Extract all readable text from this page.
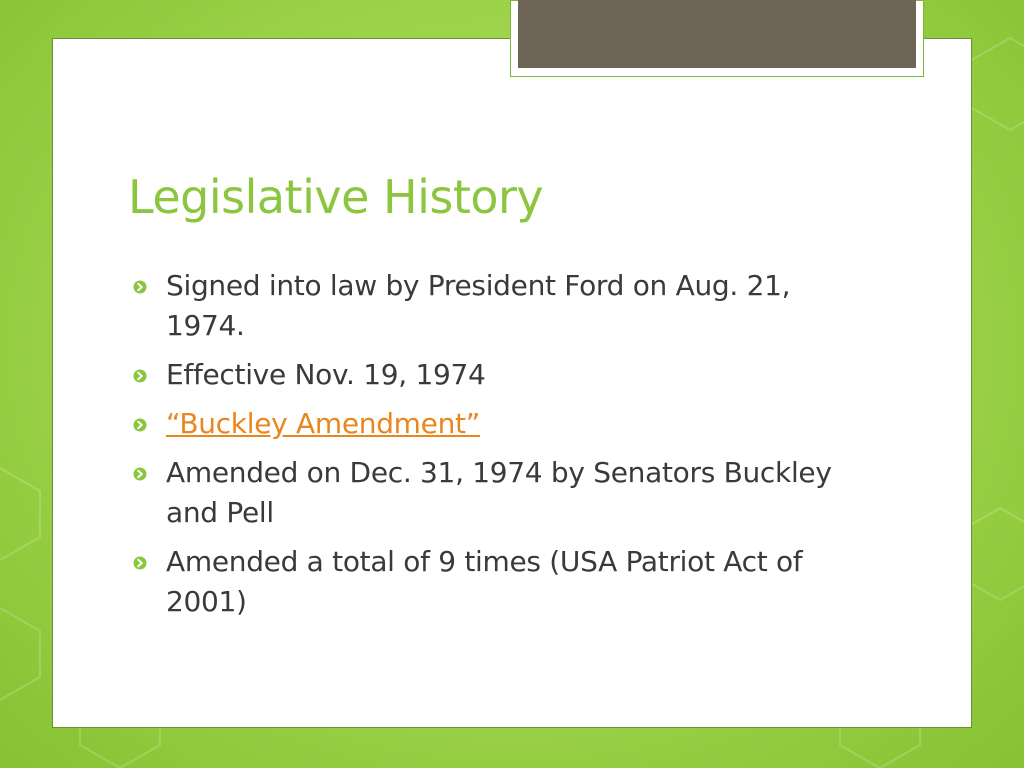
Legislative History
Signed into law by President Ford on Aug. 21, 1974.
Effective Nov. 19, 1974
“Buckley Amendment”
Amended on Dec. 31, 1974 by Senators Buckley and Pell
Amended a total of 9 times (USA Patriot Act of 2001)
